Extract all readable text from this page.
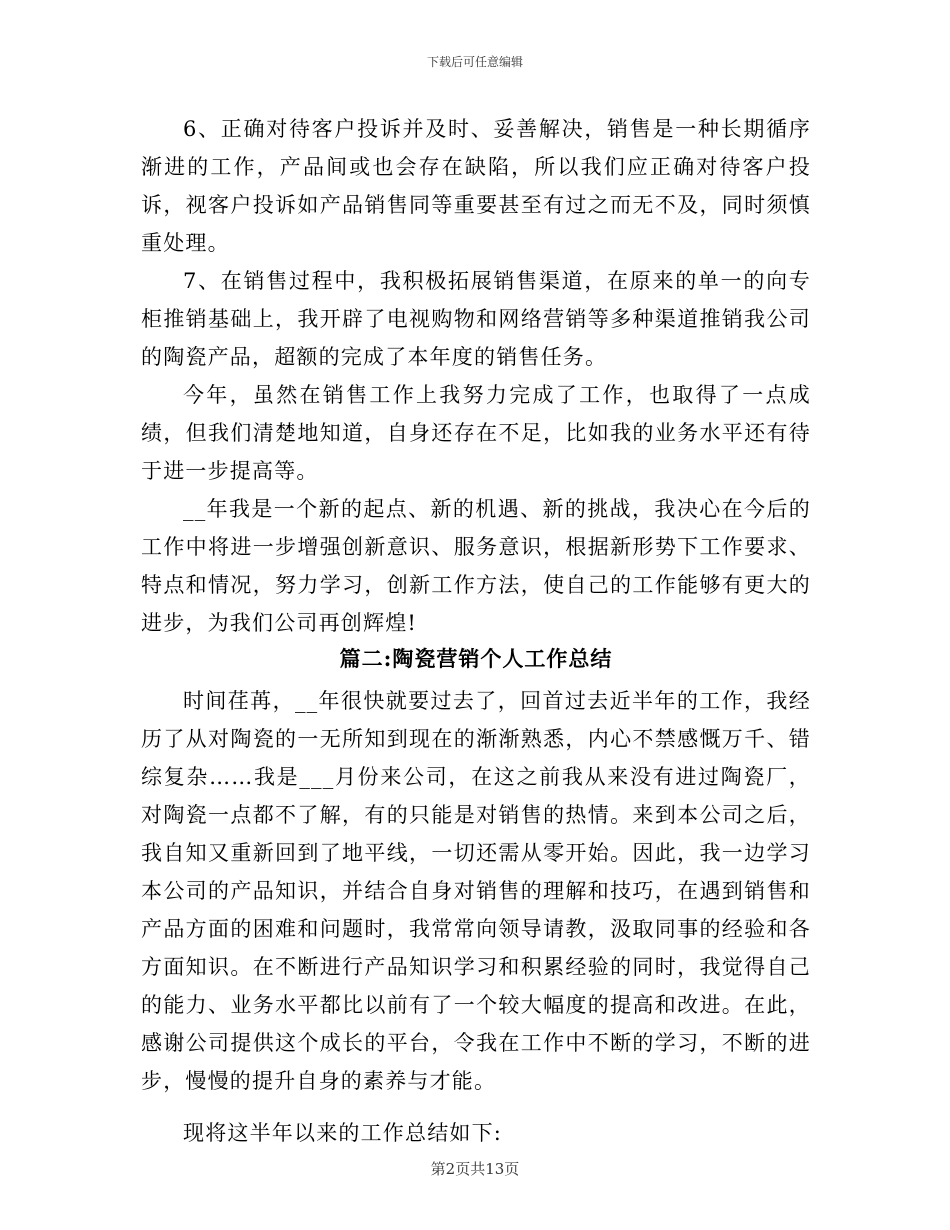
下载后可任意编辑

6、正确对待客户投诉并及时、妥善解决，销售是一种长期循序渐进的工作，产品间或也会存在缺陷，所以我们应正确对待客户投诉，视客户投诉如产品销售同等重要甚至有过之而无不及，同时须慎重处理。

7、在销售过程中，我积极拓展销售渠道，在原来的单一的向专柜推销基础上，我开辟了电视购物和网络营销等多种渠道推销我公司的陶瓷产品，超额的完成了本年度的销售任务。

今年，虽然在销售工作上我努力完成了工作，也取得了一点成绩，但我们清楚地知道，自身还存在不足，比如我的业务水平还有待于进一步提高等。

__年我是一个新的起点、新的机遇、新的挑战，我决心在今后的工作中将进一步增强创新意识、服务意识，根据新形势下工作要求、特点和情况，努力学习，创新工作方法，使自己的工作能够有更大的进步，为我们公司再创辉煌!

篇二:陶瓷营销个人工作总结

时间荏苒，__年很快就要过去了，回首过去近半年的工作，我经历了从对陶瓷的一无所知到现在的渐渐熟悉，内心不禁感慨万千、错综复杂……我是___月份来公司，在这之前我从来没有进过陶瓷厂，对陶瓷一点都不了解，有的只能是对销售的热情。来到本公司之后，我自知又重新回到了地平线，一切还需从零开始。因此，我一边学习本公司的产品知识，并结合自身对销售的理解和技巧，在遇到销售和产品方面的困难和问题时，我常常向领导请教，汲取同事的经验和各方面知识。在不断进行产品知识学习和积累经验的同时，我觉得自己的能力、业务水平都比以前有了一个较大幅度的提高和改进。在此，感谢公司提供这个成长的平台，令我在工作中不断的学习，不断的进步，慢慢的提升自身的素养与才能。

现将这半年以来的工作总结如下:

第2页共13页
